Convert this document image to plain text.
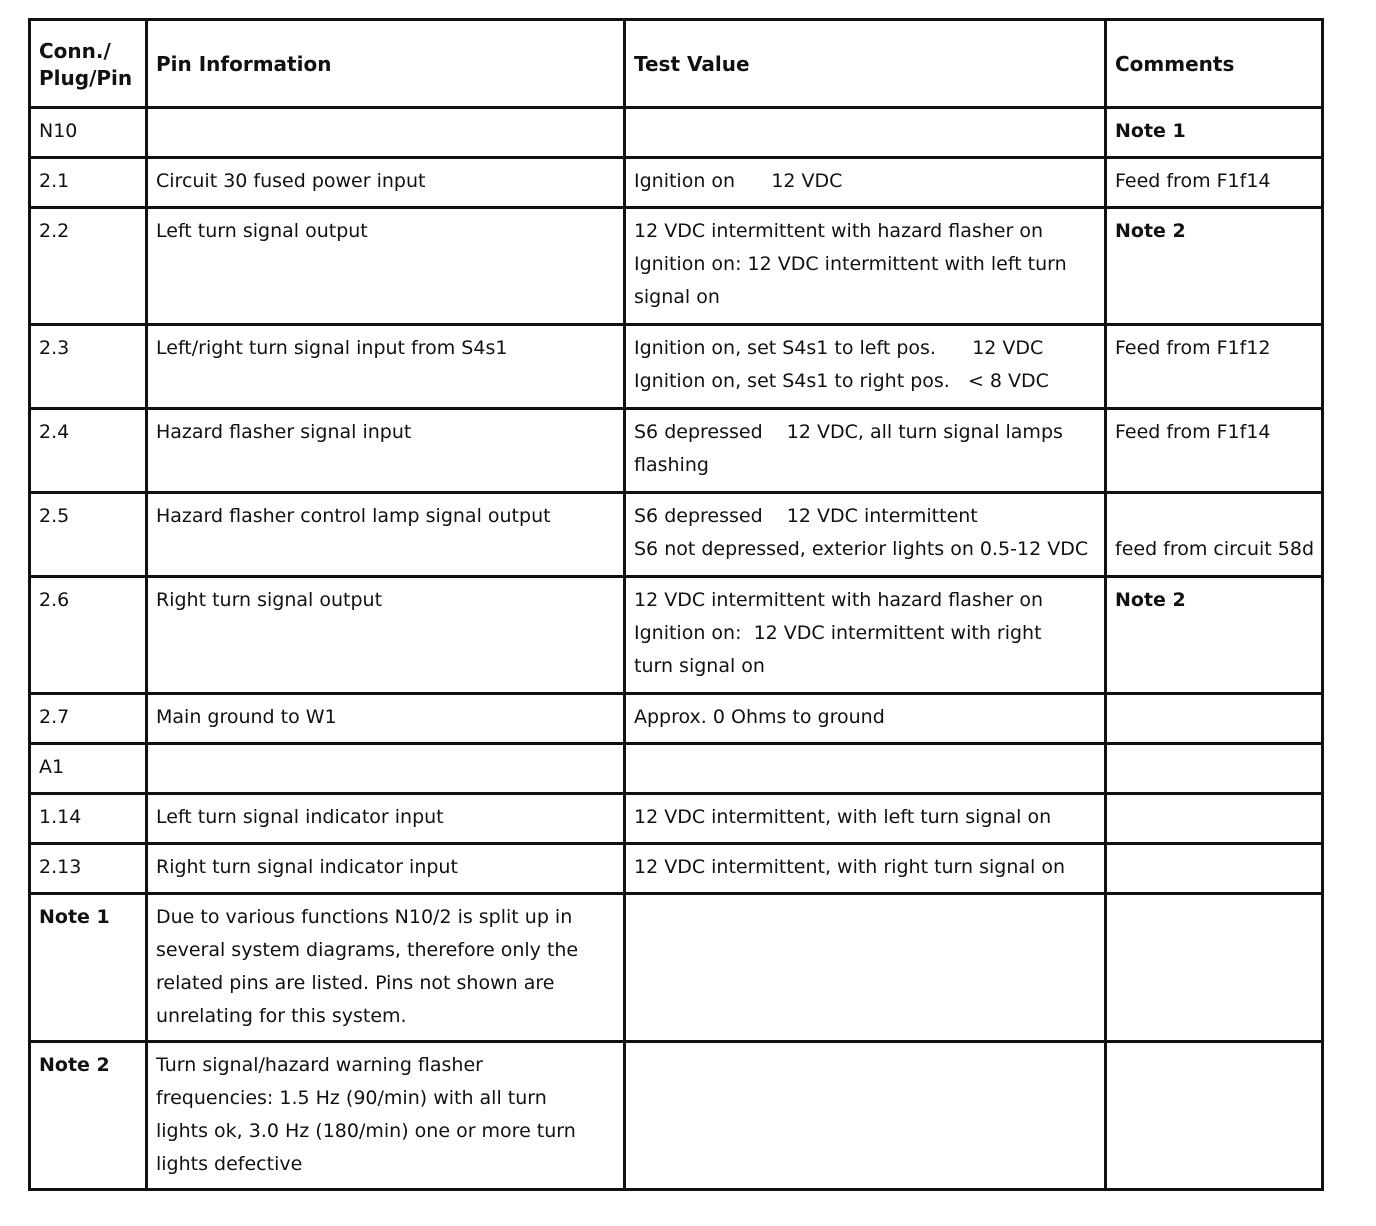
Conn./
Plug/Pin	Pin Information	Test Value	Comments
N10			Note 1

2.1	Circuit 30 fused power input	Ignition on      12 VDC	Feed from F1f14

2.2	Left turn signal output	12 VDC intermittent with hazard flasher on
Ignition on: 12 VDC intermittent with left turn
signal on	Note 2

2.3	Left/right turn signal input from S4s1	Ignition on, set S4s1 to left pos.      12 VDC
Ignition on, set S4s1 to right pos.   < 8 VDC	Feed from F1f12

2.4	Hazard flasher signal input	S6 depressed    12 VDC, all turn signal lamps
flashing	Feed from F1f14

2.5	Hazard flasher control lamp signal output	S6 depressed    12 VDC intermittent
S6 not depressed, exterior lights on 0.5-12 VDC	feed from circuit 58d

2.6	Right turn signal output	12 VDC intermittent with hazard flasher on
Ignition on:  12 VDC intermittent with right
turn signal on	Note 2

2.7	Main ground to W1	Approx. 0 Ohms to ground	

A1			

1.14	Left turn signal indicator input	12 VDC intermittent, with left turn signal on	

2.13	Right turn signal indicator input	12 VDC intermittent, with right turn signal on	

Note 1	Due to various functions N10/2 is split up in
several system diagrams, therefore only the
related pins are listed. Pins not shown are
unrelating for this system.		

Note 2	Turn signal/hazard warning flasher
frequencies: 1.5 Hz (90/min) with all turn
lights ok, 3.0 Hz (180/min) one or more turn
lights defective		
